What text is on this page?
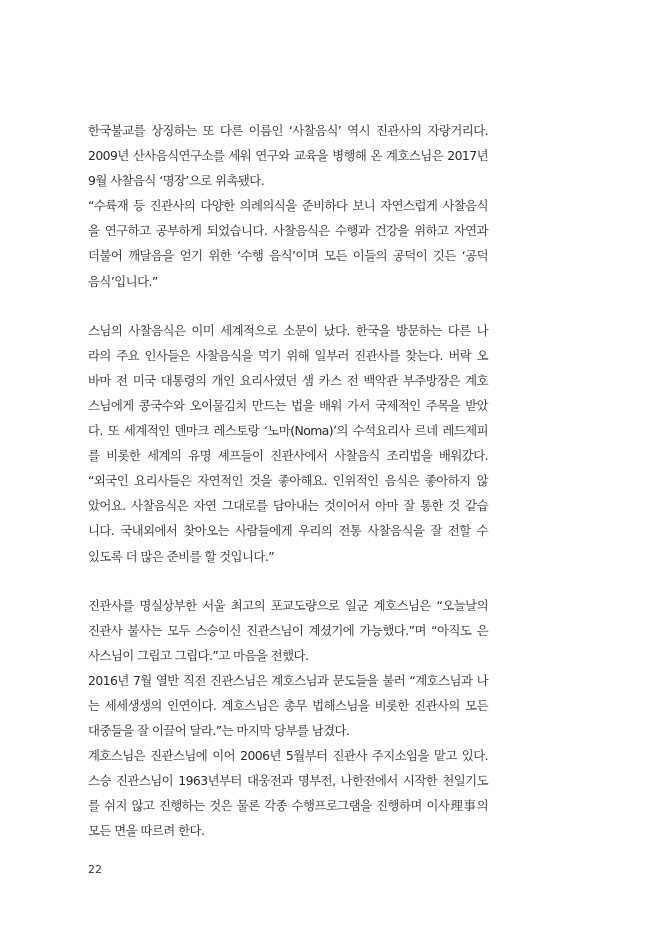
한국불교를 상징하는 또 다른 이름인 ‘사찰음식’ 역시 진관사의 자랑거리다.
2009년 산사음식연구소를 세워 연구와 교육을 병행해 온 계호스님은 2017년
9월 사찰음식 ‘명장’으로 위촉됐다.
“수륙재 등 진관사의 다양한 의례의식을 준비하다 보니 자연스럽게 사찰음식
을 연구하고 공부하게 되었습니다. 사찰음식은 수행과 건강을 위하고 자연과
더불어 깨달음을 얻기 위한 ‘수행 음식’이며 모든 이들의 공덕이 깃든 ‘공덕
음식’입니다.”
스님의 사찰음식은 이미 세계적으로 소문이 났다. 한국을 방문하는 다른 나
라의 주요 인사들은 사찰음식을 먹기 위해 일부러 진관사를 찾는다. 버락 오
바마 전 미국 대통령의 개인 요리사였던 샘 카스 전 백악관 부주방장은 계호
스님에게 콩국수와 오이물김치 만드는 법을 배워 가서 국제적인 주목을 받았
다. 또 세계적인 덴마크 레스토랑 ‘노마(Noma)’의 수석요리사 르네 레드제피
를 비롯한 세계의 유명 셰프들이 진관사에서 사찰음식 조리법을 배워갔다.
“외국인 요리사들은 자연적인 것을 좋아해요. 인위적인 음식은 좋아하지 않
았어요. 사찰음식은 자연 그대로를 담아내는 것이어서 아마 잘 통한 것 같습
니다. 국내외에서 찾아오는 사람들에게 우리의 전통 사찰음식을 잘 전할 수
있도록 더 많은 준비를 할 것입니다.”
진관사를 명실상부한 서울 최고의 포교도량으로 일군 계호스님은 “오늘날의
진관사 불사는 모두 스승이신 진관스님이 계셨기에 가능했다.”며 “아직도 은
사스님이 그립고 그립다.”고 마음을 전했다.
2016년 7월 열반 직전 진관스님은 계호스님과 문도들을 불러 “계호스님과 나
는 세세생생의 인연이다. 계호스님은 총무 법해스님을 비롯한 진관사의 모든
대중들을 잘 이끌어 달라.”는 마지막 당부를 남겼다.
계호스님은 진관스님에 이어 2006년 5월부터 진관사 주지소임을 맡고 있다.
스승 진관스님이 1963년부터 대웅전과 명부전, 나한전에서 시작한 천일기도
를 쉬지 않고 진행하는 것은 물론 각종 수행프로그램을 진행하며 이사理事의
모든 면을 따르려 한다.
22
